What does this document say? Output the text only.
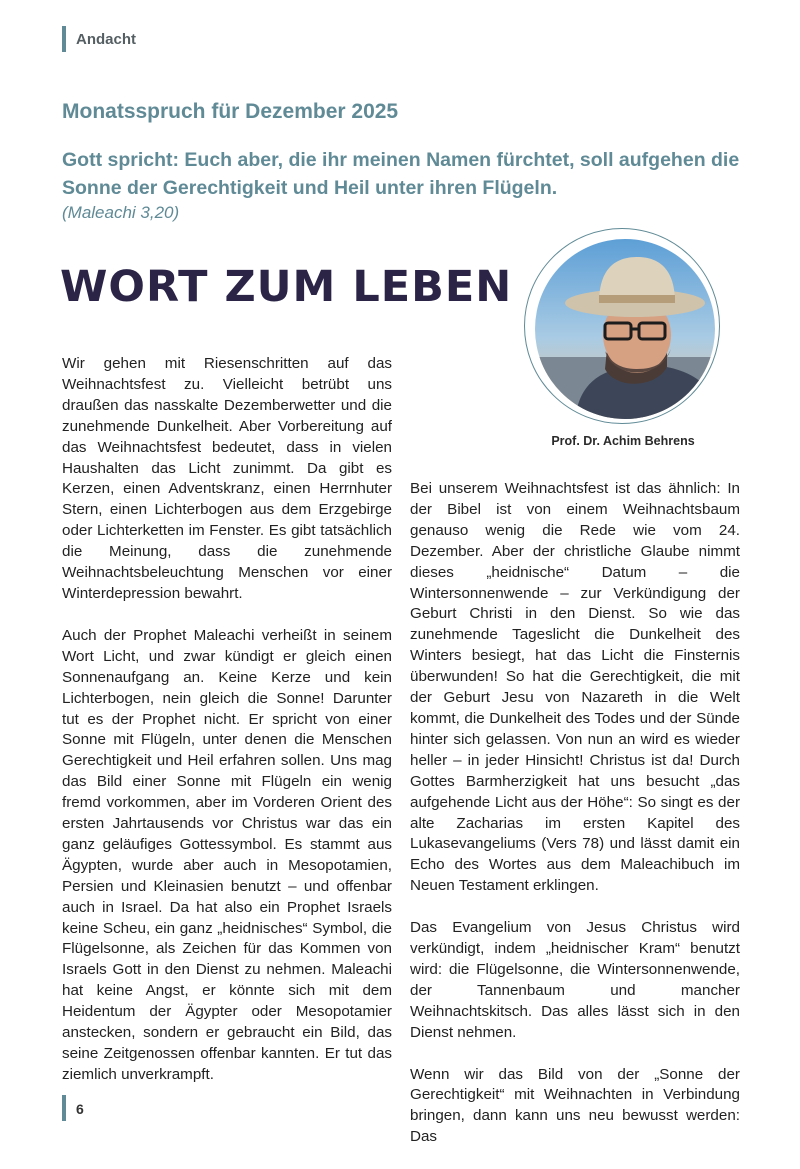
Andacht
Monatsspruch für Dezember 2025
Gott spricht: Euch aber, die ihr meinen Namen fürchtet, soll aufgehen die Sonne der Gerechtigkeit und Heil unter ihren Flügeln.
(Maleachi 3,20)
WORT ZUM LEBEN
Prof. Dr. Achim Behrens

Wir gehen mit Riesenschritten auf das Weihnachtsfest zu. Vielleicht betrübt uns draußen das nasskalte Dezemberwetter und die zunehmende Dunkelheit. Aber Vorbereitung auf das Weihnachtsfest bedeutet, dass in vielen Haushalten das Licht zunimmt. Da gibt es Kerzen, einen Adventskranz, einen Herrnhuter Stern, einen Lichterbogen aus dem Erzgebirge oder Lichterketten im Fenster. Es gibt tatsächlich die Meinung, dass die zunehmende Weihnachtsbeleuchtung Menschen vor einer Winterdepression bewahrt.

Auch der Prophet Maleachi verheißt in seinem Wort Licht, und zwar kündigt er gleich einen Sonnenaufgang an. Keine Kerze und kein Lichterbogen, nein gleich die Sonne! Darunter tut es der Prophet nicht. Er spricht von einer Sonne mit Flügeln, unter denen die Menschen Gerechtigkeit und Heil erfahren sollen. Uns mag das Bild einer Sonne mit Flügeln ein wenig fremd vorkommen, aber im Vorderen Orient des ersten Jahrtausends vor Christus war das ein ganz geläufiges Gottessymbol. Es stammt aus Ägypten, wurde aber auch in Mesopotamien, Persien und Kleinasien benutzt – und offenbar auch in Israel. Da hat also ein Prophet Israels keine Scheu, ein ganz „heidnisches“ Symbol, die Flügelsonne, als Zeichen für das Kommen von Israels Gott in den Dienst zu nehmen. Maleachi hat keine Angst, er könnte sich mit dem Heidentum der Ägypter oder Mesopotamier anstecken, sondern er gebraucht ein Bild, das seine Zeitgenossen offenbar kannten. Er tut das ziemlich unverkrampft.

Bei unserem Weihnachtsfest ist das ähnlich: In der Bibel ist von einem Weihnachtsbaum genauso wenig die Rede wie vom 24. Dezember. Aber der christliche Glaube nimmt dieses „heidnische“ Datum – die Wintersonnenwende – zur Verkündigung der Geburt Christi in den Dienst. So wie das zunehmende Tageslicht die Dunkelheit des Winters besiegt, hat das Licht die Finsternis überwunden! So hat die Gerechtigkeit, die mit der Geburt Jesu von Nazareth in die Welt kommt, die Dunkelheit des Todes und der Sünde hinter sich gelassen. Von nun an wird es wieder heller – in jeder Hinsicht! Christus ist da! Durch Gottes Barmherzigkeit hat uns besucht „das aufgehende Licht aus der Höhe“: So singt es der alte Zacharias im ersten Kapitel des Lukasevangeliums (Vers 78) und lässt damit ein Echo des Wortes aus dem Maleachibuch im Neuen Testament erklingen.

Das Evangelium von Jesus Christus wird verkündigt, indem „heidnischer Kram“ benutzt wird: die Flügelsonne, die Wintersonnenwende, der Tannenbaum und mancher Weihnachtskitsch. Das alles lässt sich in den Dienst nehmen.

Wenn wir das Bild von der „Sonne der Gerechtigkeit“ mit Weihnachten in Verbindung bringen, dann kann uns neu bewusst werden: Das

6
